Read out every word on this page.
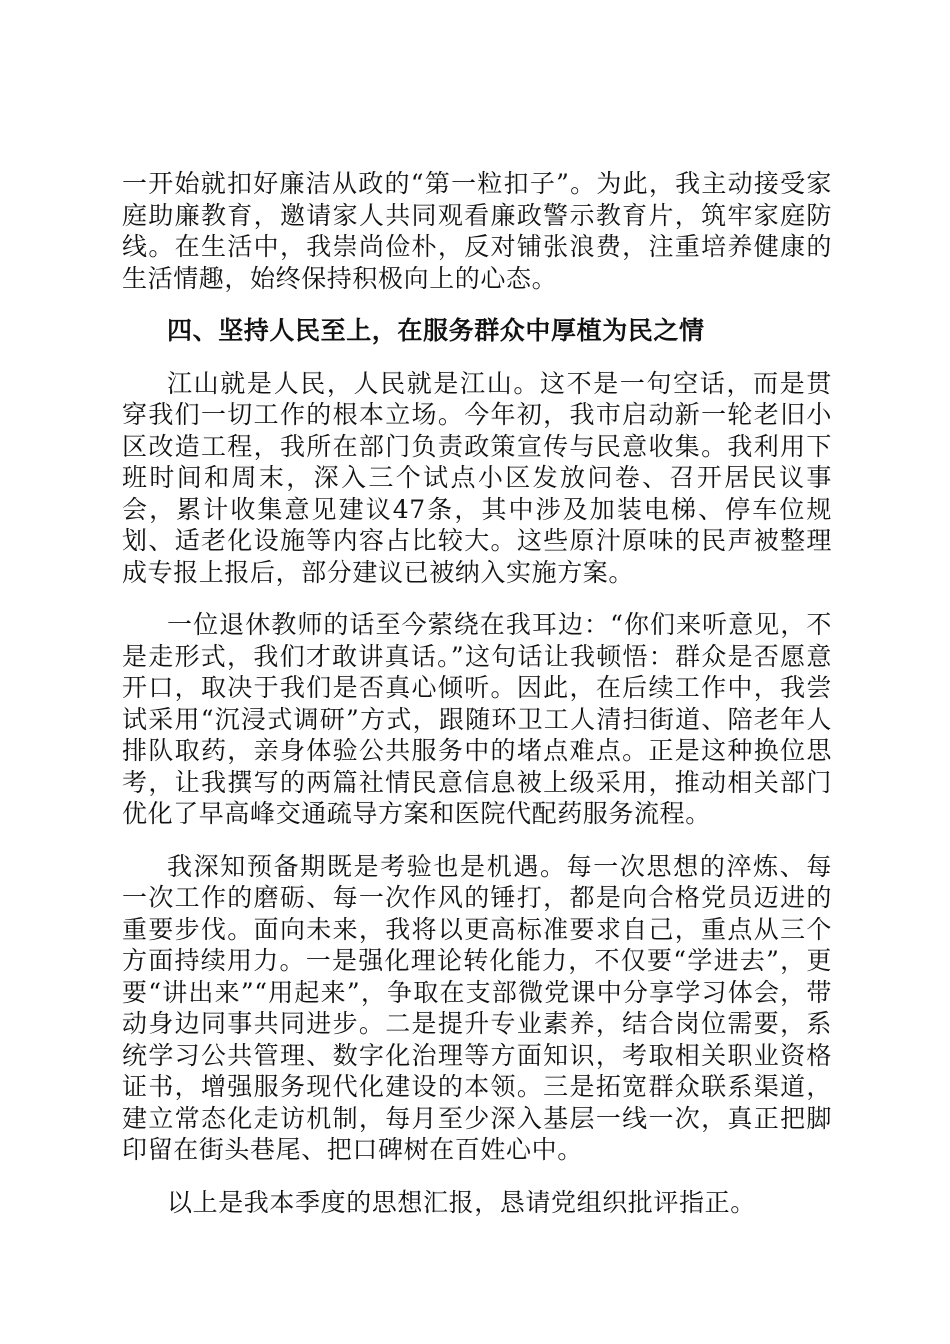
一开始就扣好廉洁从政的“第一粒扣子”。为此，我主动接受家庭助廉教育，邀请家人共同观看廉政警示教育片，筑牢家庭防线。在生活中，我崇尚俭朴，反对铺张浪费，注重培养健康的生活情趣，始终保持积极向上的心态。

四、坚持人民至上，在服务群众中厚植为民之情

江山就是人民，人民就是江山。这不是一句空话，而是贯穿我们一切工作的根本立场。今年初，我市启动新一轮老旧小区改造工程，我所在部门负责政策宣传与民意收集。我利用下班时间和周末，深入三个试点小区发放问卷、召开居民议事会，累计收集意见建议47条，其中涉及加装电梯、停车位规划、适老化设施等内容占比较大。这些原汁原味的民声被整理成专报上报后，部分建议已被纳入实施方案。

一位退休教师的话至今萦绕在我耳边：“你们来听意见，不是走形式，我们才敢讲真话。”这句话让我顿悟：群众是否愿意开口，取决于我们是否真心倾听。因此，在后续工作中，我尝试采用“沉浸式调研”方式，跟随环卫工人清扫街道、陪老年人排队取药，亲身体验公共服务中的堵点难点。正是这种换位思考，让我撰写的两篇社情民意信息被上级采用，推动相关部门优化了早高峰交通疏导方案和医院代配药服务流程。

我深知预备期既是考验也是机遇。每一次思想的淬炼、每一次工作的磨砺、每一次作风的锤打，都是向合格党员迈进的重要步伐。面向未来，我将以更高标准要求自己，重点从三个方面持续用力。一是强化理论转化能力，不仅要“学进去”，更要“讲出来”“用起来”，争取在支部微党课中分享学习体会，带动身边同事共同进步。二是提升专业素养，结合岗位需要，系统学习公共管理、数字化治理等方面知识，考取相关职业资格证书，增强服务现代化建设的本领。三是拓宽群众联系渠道，建立常态化走访机制，每月至少深入基层一线一次，真正把脚印留在街头巷尾、把口碑树在百姓心中。

以上是我本季度的思想汇报，恳请党组织批评指正。
